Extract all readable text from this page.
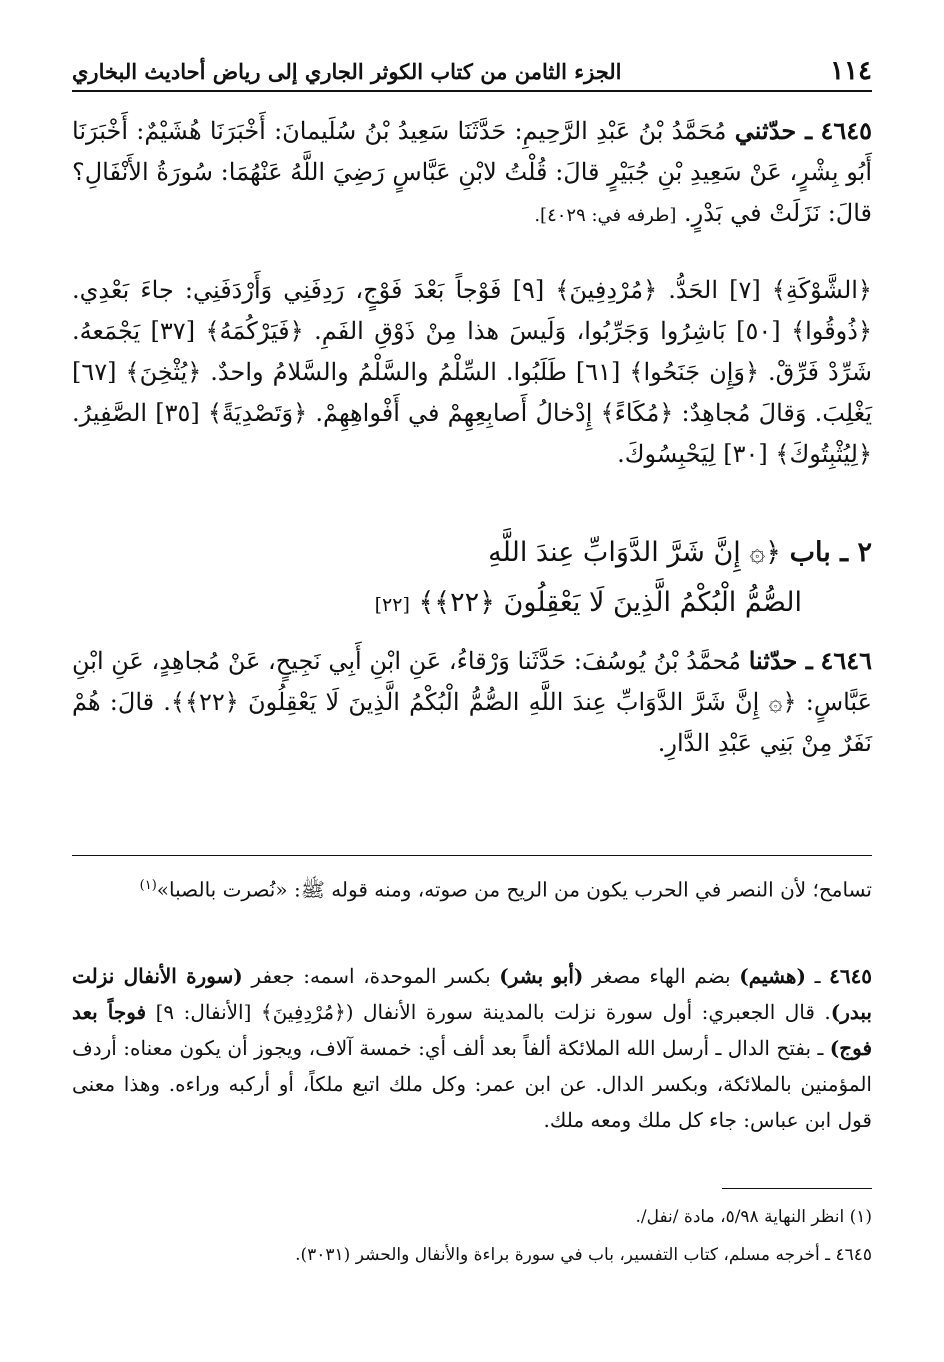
١١٤
الجزء الثامن من كتاب الكوثر الجاري إلى رياض أحاديث البخاري
٤٦٤٥ ـ حدّثني مُحَمَّدُ بْنُ عَبْدِ الرَّحِيمِ: حَدَّثَنَا سَعِيدُ بْنُ سُلَيمانَ: أَخْبَرَنَا هُشَيْمٌ: أَخْبَرَنَا أَبُو بِشْرٍ، عَنْ سَعِيدِ بْنِ جُبَيْرٍ قالَ: قُلْتُ لابْنِ عَبَّاسٍ رَضِيَ اللَّهُ عَنْهُمَا: سُورَةُ الأَنْفَالِ؟ قالَ: نَزَلَتْ في بَدْرٍ. [طرفه في: ٤٠٢٩].
﴿الشَّوْكَةِ﴾ [٧] الحَدُّ. ﴿مُرْدِفِينَ﴾ [٩] فَوْجاً بَعْدَ فَوْجٍ، رَدِفَنِي وَأَرْدَفَنِي: جاءَ بَعْدِي. ﴿ذُوقُوا﴾ [٥٠] بَاشِرُوا وَجَرِّبُوا، وَلَيسَ هذا مِنْ ذَوْقِ الفَمِ. ﴿فَيَرْكُمَهُ﴾ [٣٧] يَجْمَعهُ. شَرِّدْ فَرِّقْ. ﴿وَإِن جَنَحُوا﴾ [٦١] طَلَبُوا. السِّلْمُ والسَّلْمُ والسَّلامُ واحدٌ. ﴿يُثْخِنَ﴾ [٦٧] يَغْلِبَ. وَقالَ مُجاهِدٌ: ﴿مُكَاءً﴾ إِدْخالُ أَصابِعِهِمْ في أَفْواهِهِمْ. ﴿وَتَصْدِيَةً﴾ [٣٥] الصَّفِيرُ. ﴿لِيُثْبِتُوكَ﴾ [٣٠] لِيَحْبِسُوكَ.
٢ ـ باب ﴿۞ إِنَّ شَرَّ الدَّوَابِّ عِندَ اللَّهِ
الصُّمُّ الْبُكْمُ الَّذِينَ لَا يَعْقِلُونَ ﴿٢٢﴾﴾ [٢٢]
٤٦٤٦ ـ حدّثنا مُحمَّدُ بْنُ يُوسُفَ: حَدَّثَنا وَرْقاءُ، عَنِ ابْنِ أَبِي نَجِيحٍ، عَنْ مُجاهِدٍ، عَنِ ابْنِ عَبَّاسٍ: ﴿۞ إِنَّ شَرَّ الدَّوَابِّ عِندَ اللَّهِ الصُّمُّ الْبُكْمُ الَّذِينَ لَا يَعْقِلُونَ ﴿٢٢﴾﴾. قالَ: هُمْ نَفَرٌ مِنْ بَنِي عَبْدِ الدَّارِ.
تسامح؛ لأن النصر في الحرب يكون من الريح من صوته، ومنه قوله ﷺ: «نُصرت بالصبا»$^{(١)}$
٤٦٤٥ ـ (هشيم) بضم الهاء مصغر (أبو بشر) بكسر الموحدة، اسمه: جعفر (سورة الأنفال نزلت ببدر). قال الجعبري: أول سورة نزلت بالمدينة سورة الأنفال (﴿مُرْدِفِينَ﴾ [الأنفال: ٩] فوجاً بعد فوج) ـ بفتح الدال ـ أرسل الله الملائكة ألفاً بعد ألف أي: خمسة آلاف، ويجوز أن يكون معناه: أردف المؤمنين بالملائكة، وبكسر الدال. عن ابن عمر: وكل ملك اتبع ملكاً، أو أركبه وراءه. وهذا معنى قول ابن عباس: جاء كل ملك ومعه ملك.
(١) انظر النهاية ٥/٩٨، مادة /نفل/.
٤٦٤٥ ـ أخرجه مسلم، كتاب التفسير، باب في سورة براءة والأنفال والحشر (٣٠٣١).
